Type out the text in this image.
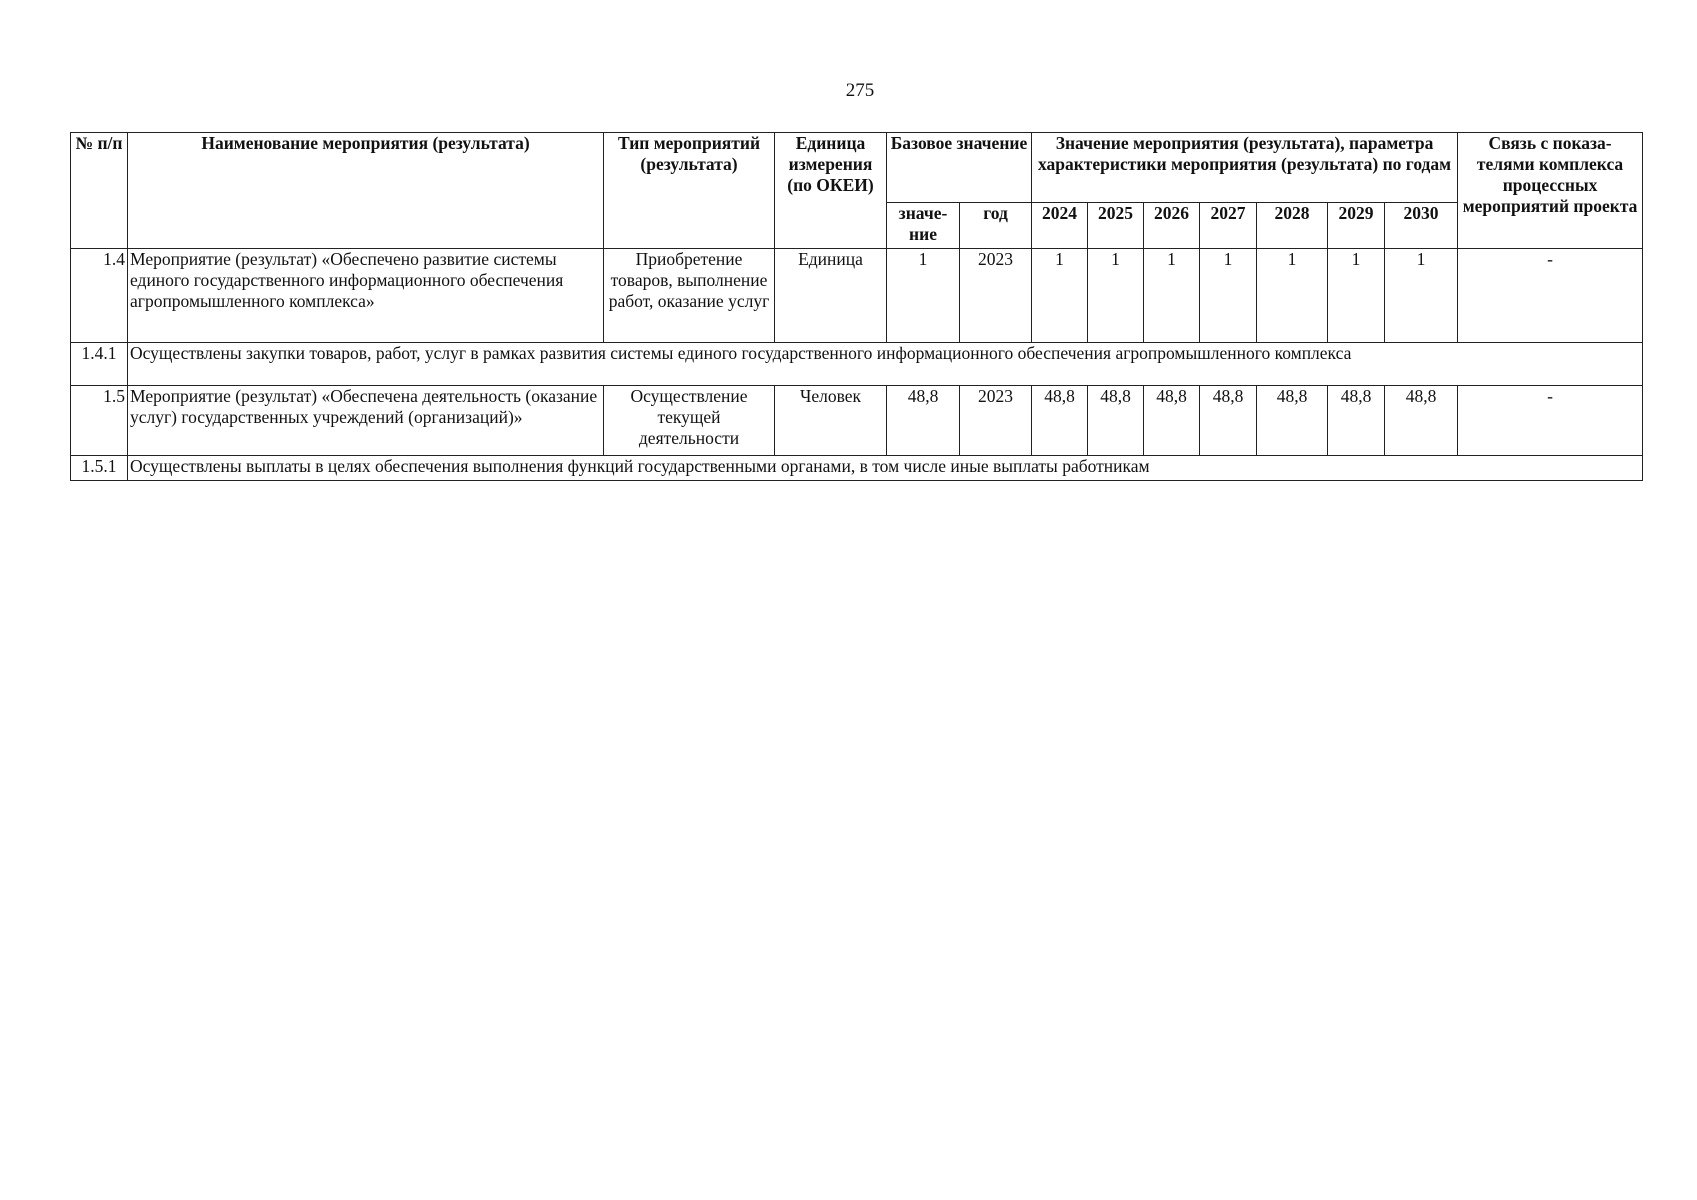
275
№ п/п	Наименование мероприятия (результата)	Тип мероприятий (результата)	Единица измерения (по ОКЕИ)	Базовое значение		Значение мероприятия (результата), параметра характеристики мероприятия (результата) по годам							Связь с показа- телями комплекса процессных мероприятий проекта
				значе- ние	год	2024	2025	2026	2027	2028	2029	2030	
1.4	Мероприятие (результат) «Обеспечено развитие системы единого государственного информационного обеспечения агропромышленного комплекса»	Приобретение товаров, выполнение работ, оказание услуг	Единица	1	2023	1	1	1	1	1	1	1	-
1.4.1	Осуществлены закупки товаров, работ, услуг в рамках развития системы единого государственного информационного обеспечения агропромышленного комплекса												
1.5	Мероприятие (результат) «Обеспечена деятельность (оказание услуг) государственных учреждений (организаций)»	Осуществление текущей деятельности	Человек	48,8	2023	48,8	48,8	48,8	48,8	48,8	48,8	48,8	-
1.5.1	Осуществлены выплаты в целях обеспечения выполнения функций государственными органами, в том числе иные выплаты работникам												
